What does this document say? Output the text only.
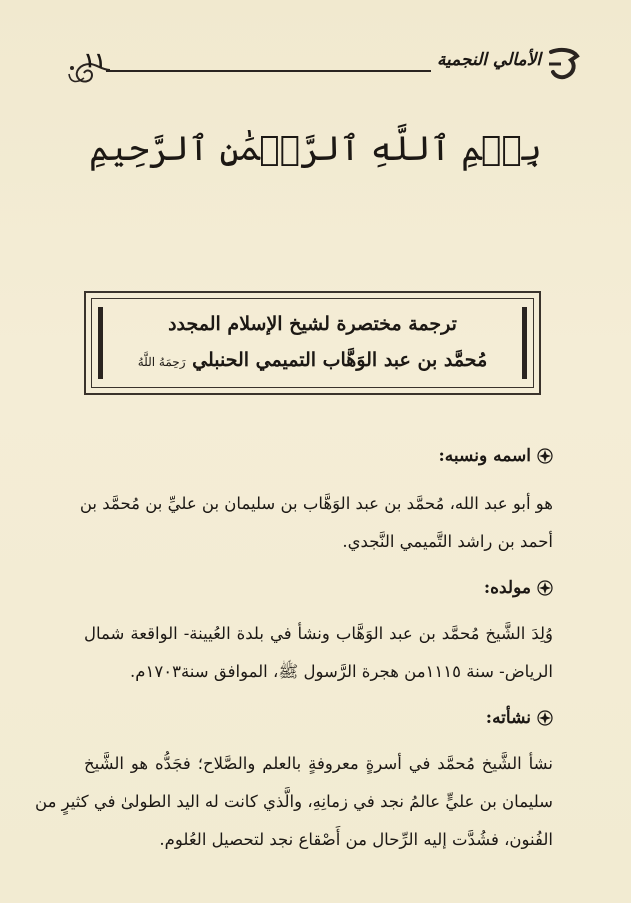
١١	الأمالي النجمية
بِسۡمِ ٱللَّهِ ٱلرَّحۡمَٰنِ ٱلرَّحِيمِ
ترجمة مختصرة لشيخ الإسلام المجدد
مُحمَّد بن عبد الوَهَّاب التميمي الحنبلي رَحِمَهُ اللَّهُ
اسمه ونسبه:
هو أبو عبد الله، مُحمَّد بن عبد الوَهَّاب بن سليمان بن عليِّ بن مُحمَّد بن
أحمد بن راشد التَّميمي النَّجدي.
مولده:
وُلِدَ الشَّيخ مُحمَّد بن عبد الوَهَّاب ونشأ في بلدة العُيينة- الواقعة شمال
الرياض- سنة ١١١٥من هجرة الرَّسول ﷺ، الموافق سنة١٧٠٣م.
نشأته:
نشأ الشَّيخ مُحمَّد في أسرةٍ معروفةٍ بالعلم والصَّلاح؛ فجَدُّه هو الشَّيخ
سليمان بن عليٍّ عالمُ نجد في زمانِهِ، والَّذي كانت له اليد الطولىٰ في كثيرٍ من
الفُنون، فشُدَّت إليه الرِّحال من أَصْقاع نجد لتحصيل العُلوم.
